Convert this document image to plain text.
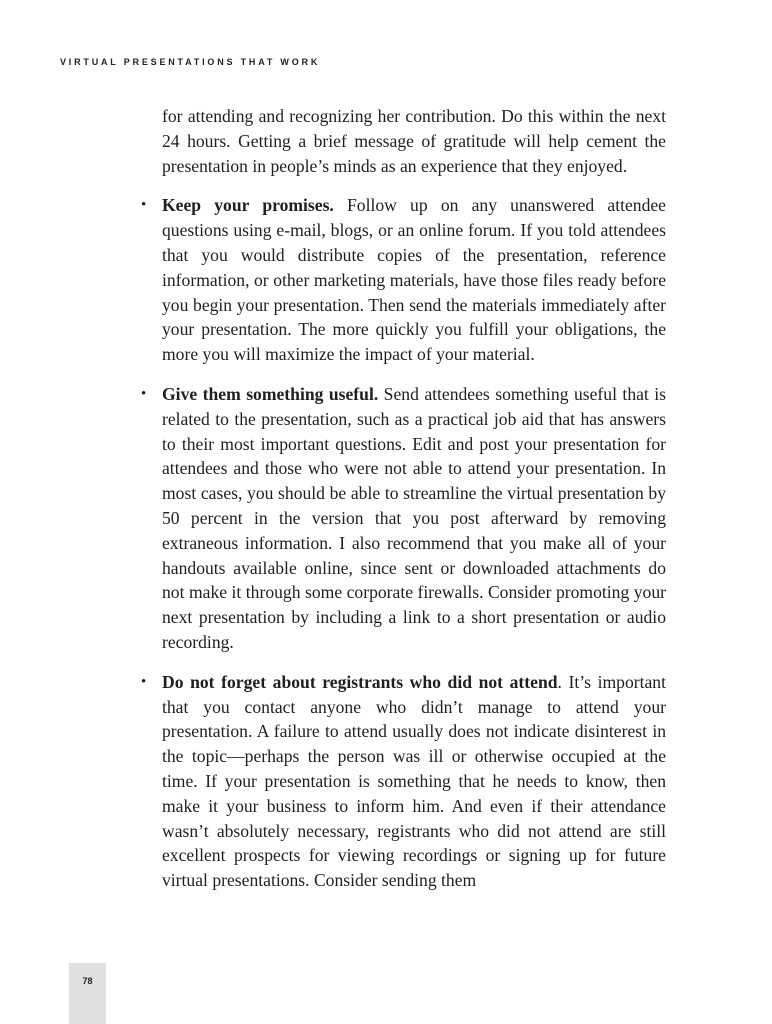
VIRTUAL PRESENTATIONS THAT WORK

for attending and recognizing her contribution. Do this within the next 24 hours. Getting a brief message of gratitude will help cement the presentation in people’s minds as an experience that they enjoyed.

• Keep your promises. Follow up on any unanswered attendee questions using e-mail, blogs, or an online forum. If you told attendees that you would distribute copies of the presentation, reference information, or other marketing materials, have those files ready before you begin your presentation. Then send the materials immediately after your presentation. The more quickly you fulfill your obligations, the more you will maximize the impact of your material.
• Give them something useful. Send attendees something useful that is related to the presentation, such as a practical job aid that has answers to their most important questions. Edit and post your presentation for attendees and those who were not able to attend your presentation. In most cases, you should be able to streamline the virtual presentation by 50 percent in the version that you post afterward by removing extraneous information. I also recommend that you make all of your handouts available online, since sent or downloaded attachments do not make it through some corporate firewalls. Consider promoting your next presentation by including a link to a short presentation or audio recording.
• Do not forget about registrants who did not attend. It’s important that you contact anyone who didn’t manage to attend your presentation. A failure to attend usually does not indicate disinterest in the topic—perhaps the person was ill or otherwise occupied at the time. If your presentation is something that he needs to know, then make it your business to inform him. And even if their attendance wasn’t absolutely necessary, registrants who did not attend are still excellent prospects for viewing recordings or signing up for future virtual presentations. Consider sending them
78
